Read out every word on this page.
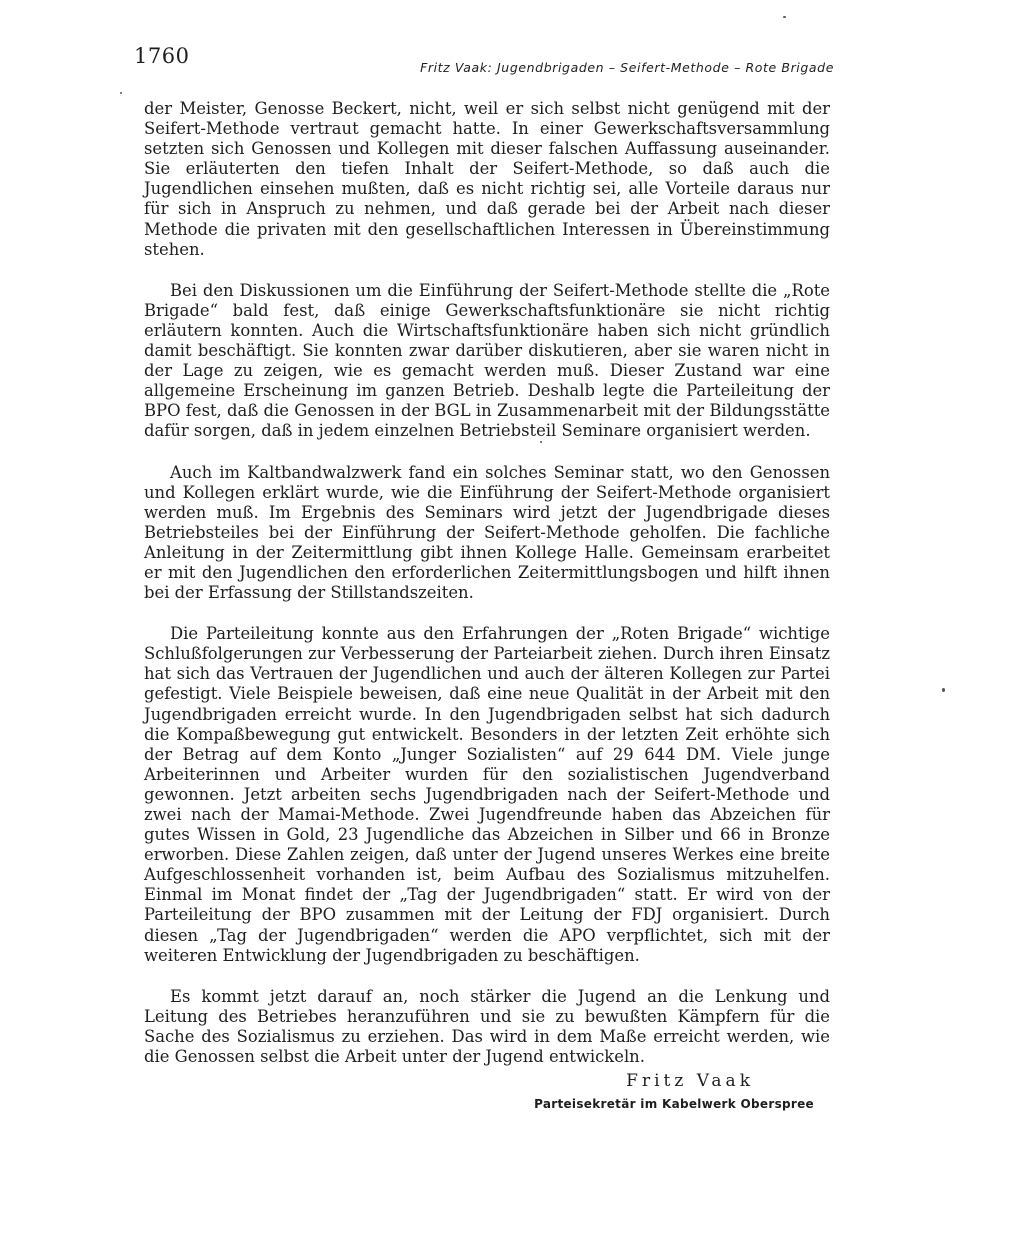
1760	Fritz Vaak: Jugendbrigaden – Seifert-Methode – Rote Brigade

der Meister, Genosse Beckert, nicht, weil er sich selbst nicht genügend mit der Seifert-Methode vertraut gemacht hatte. In einer Gewerkschaftsversammlung setzten sich Genossen und Kollegen mit dieser falschen Auffassung auseinander. Sie erläuterten den tiefen Inhalt der Seifert-Methode, so daß auch die Jugendlichen einsehen mußten, daß es nicht richtig sei, alle Vorteile daraus nur für sich in Anspruch zu nehmen, und daß gerade bei der Arbeit nach dieser Methode die privaten mit den gesellschaftlichen Interessen in Übereinstimmung stehen.

Bei den Diskussionen um die Einführung der Seifert-Methode stellte die „Rote Brigade“ bald fest, daß einige Gewerkschaftsfunktionäre sie nicht richtig erläutern konnten. Auch die Wirtschaftsfunktionäre haben sich nicht gründlich damit beschäftigt. Sie konnten zwar darüber diskutieren, aber sie waren nicht in der Lage zu zeigen, wie es gemacht werden muß. Dieser Zustand war eine allgemeine Erscheinung im ganzen Betrieb. Deshalb legte die Parteileitung der BPO fest, daß die Genossen in der BGL in Zusammenarbeit mit der Bildungsstätte dafür sorgen, daß in jedem einzelnen Betriebsteil Seminare organisiert werden.

Auch im Kaltbandwalzwerk fand ein solches Seminar statt, wo den Genossen und Kollegen erklärt wurde, wie die Einführung der Seifert-Methode organisiert werden muß. Im Ergebnis des Seminars wird jetzt der Jugendbrigade dieses Betriebsteiles bei der Einführung der Seifert-Methode geholfen. Die fachliche Anleitung in der Zeitermittlung gibt ihnen Kollege Halle. Gemeinsam erarbeitet er mit den Jugendlichen den erforderlichen Zeitermittlungsbogen und hilft ihnen bei der Erfassung der Stillstandszeiten.

Die Parteileitung konnte aus den Erfahrungen der „Roten Brigade“ wichtige Schlußfolgerungen zur Verbesserung der Parteiarbeit ziehen. Durch ihren Einsatz hat sich das Vertrauen der Jugendlichen und auch der älteren Kollegen zur Partei gefestigt. Viele Beispiele beweisen, daß eine neue Qualität in der Arbeit mit den Jugendbrigaden erreicht wurde. In den Jugendbrigaden selbst hat sich dadurch die Kompaßbewegung gut entwickelt. Besonders in der letzten Zeit erhöhte sich der Betrag auf dem Konto „Junger Sozialisten“ auf 29 644 DM. Viele junge Arbeiterinnen und Arbeiter wurden für den sozialistischen Jugendverband gewonnen. Jetzt arbeiten sechs Jugendbrigaden nach der Seifert-Methode und zwei nach der Mamai-Methode. Zwei Jugendfreunde haben das Abzeichen für gutes Wissen in Gold, 23 Jugendliche das Abzeichen in Silber und 66 in Bronze erworben. Diese Zahlen zeigen, daß unter der Jugend unseres Werkes eine breite Aufgeschlossenheit vorhanden ist, beim Aufbau des Sozialismus mitzuhelfen. Einmal im Monat findet der „Tag der Jugendbrigaden“ statt. Er wird von der Parteileitung der BPO zusammen mit der Leitung der FDJ organisiert. Durch diesen „Tag der Jugendbrigaden“ werden die APO verpflichtet, sich mit der weiteren Entwicklung der Jugendbrigaden zu beschäftigen.

Es kommt jetzt darauf an, noch stärker die Jugend an die Lenkung und Leitung des Betriebes heranzuführen und sie zu bewußten Kämpfern für die Sache des Sozialismus zu erziehen. Das wird in dem Maße erreicht werden, wie die Genossen selbst die Arbeit unter der Jugend entwickeln.

Fritz Vaak
Parteisekretär im Kabelwerk Oberspree
